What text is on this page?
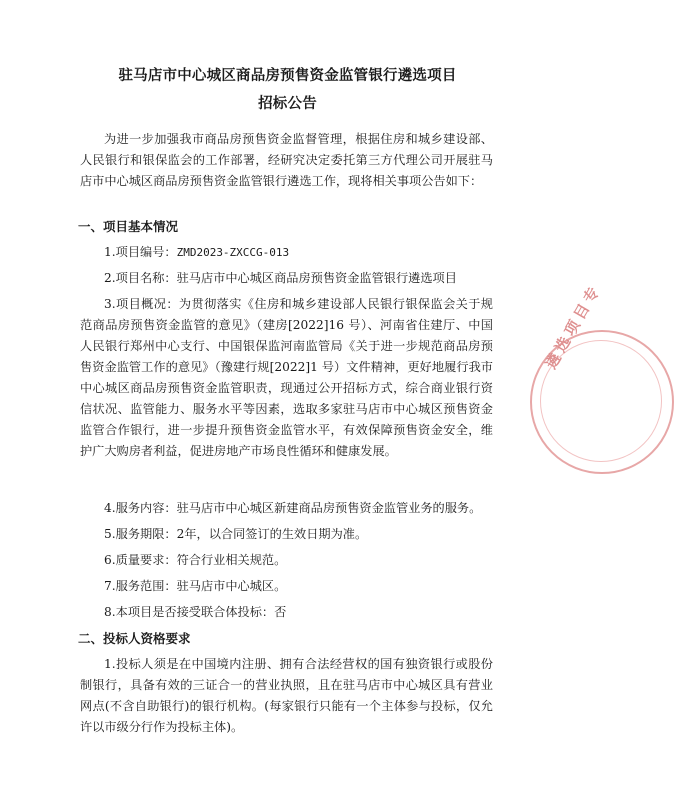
驻马店市中心城区商品房预售资金监管银行遴选项目
招标公告
为进一步加强我市商品房预售资金监督管理，根据住房和城乡建设部、人民银行和银保监会的工作部署，经研究决定委托第三方代理公司开展驻马店市中心城区商品房预售资金监管银行遴选工作，现将相关事项公告如下：
一、项目基本情况
1.项目编号：ZMD2023-ZXCCG-013
2.项目名称：驻马店市中心城区商品房预售资金监管银行遴选项目
3.项目概况：为贯彻落实《住房和城乡建设部人民银行银保监会关于规范商品房预售资金监管的意见》（建房[2022]16 号）、河南省住建厅、中国人民银行郑州中心支行、中国银保监河南监管局《关于进一步规范商品房预售资金监管工作的意见》（豫建行规[2022]1 号）文件精神，更好地履行我市中心城区商品房预售资金监管职责，现通过公开招标方式，综合商业银行资信状况、监管能力、服务水平等因素，选取多家驻马店市中心城区预售资金监管合作银行，进一步提升预售资金监管水平，有效保障预售资金安全，维护广大购房者利益，促进房地产市场良性循环和健康发展。
4.服务内容：驻马店市中心城区新建商品房预售资金监管业务的服务。
5.服务期限：2年，以合同签订的生效日期为准。
6.质量要求：符合行业相关规范。
7.服务范围：驻马店市中心城区。
8.本项目是否接受联合体投标：否
二、投标人资格要求
1.投标人须是在中国境内注册、拥有合法经营权的国有独资银行或股份制银行，具备有效的三证合一的营业执照，且在驻马店市中心城区具有营业网点(不含自助银行)的银行机构。(每家银行只能有一个主体参与投标，仅允许以市级分行作为投标主体)。
遴选项目专
